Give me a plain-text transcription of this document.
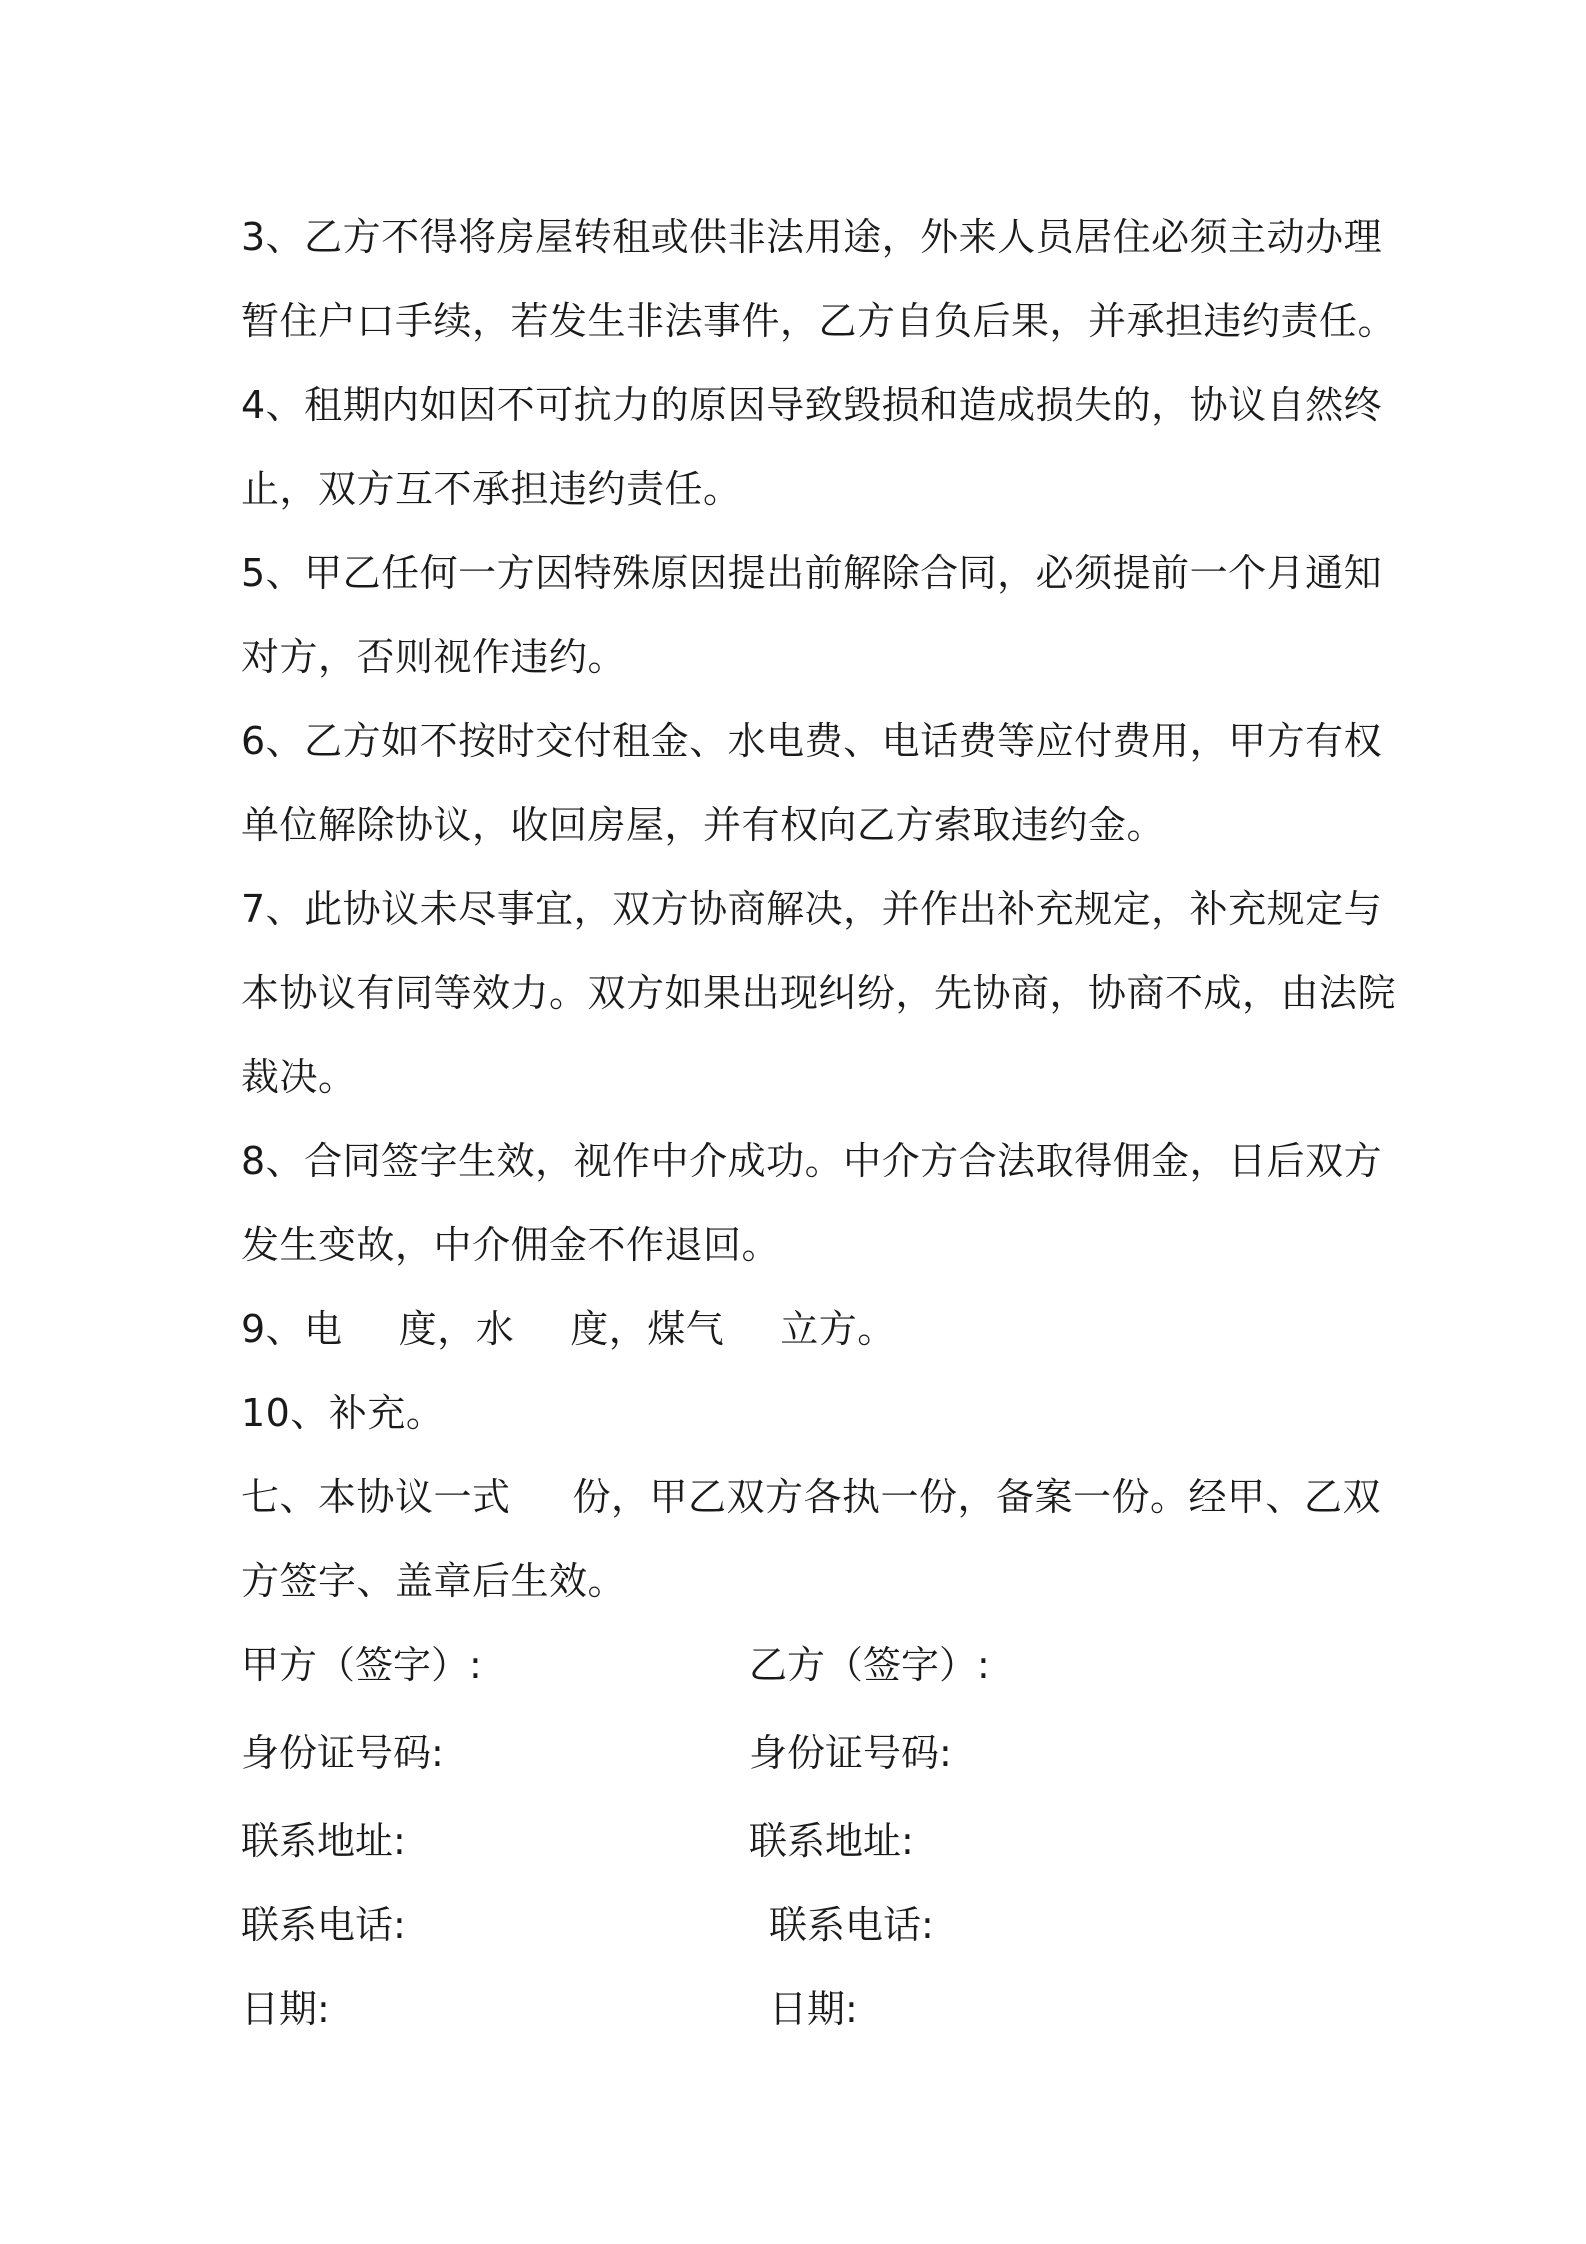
3、乙方不得将房屋转租或供非法用途，外来人员居住必须主动办理
暂住户口手续，若发生非法事件，乙方自负后果，并承担违约责任。
4、租期内如因不可抗力的原因导致毁损和造成损失的，协议自然终
止，双方互不承担违约责任。
5、甲乙任何一方因特殊原因提出前解除合同，必须提前一个月通知
对方，否则视作违约。
6、乙方如不按时交付租金、水电费、电话费等应付费用，甲方有权
单位解除协议，收回房屋，并有权向乙方索取违约金。
7、此协议未尽事宜，双方协商解决，并作出补充规定，补充规定与
本协议有同等效力。双方如果出现纠纷，先协商，协商不成，由法院
裁决。
8、合同签字生效，视作中介成功。中介方合法取得佣金，日后双方
发生变故，中介佣金不作退回。
9、电 度，水 度，煤气 立方。
10、补充。
七、本协议一式 份，甲乙双方各执一份，备案一份。经甲、乙双
方签字、盖章后生效。
甲方（签字）:	乙方（签字）:
身份证号码:	身份证号码:
联系地址:	联系地址:
联系电话:	联系电话:
日期:	日期:
